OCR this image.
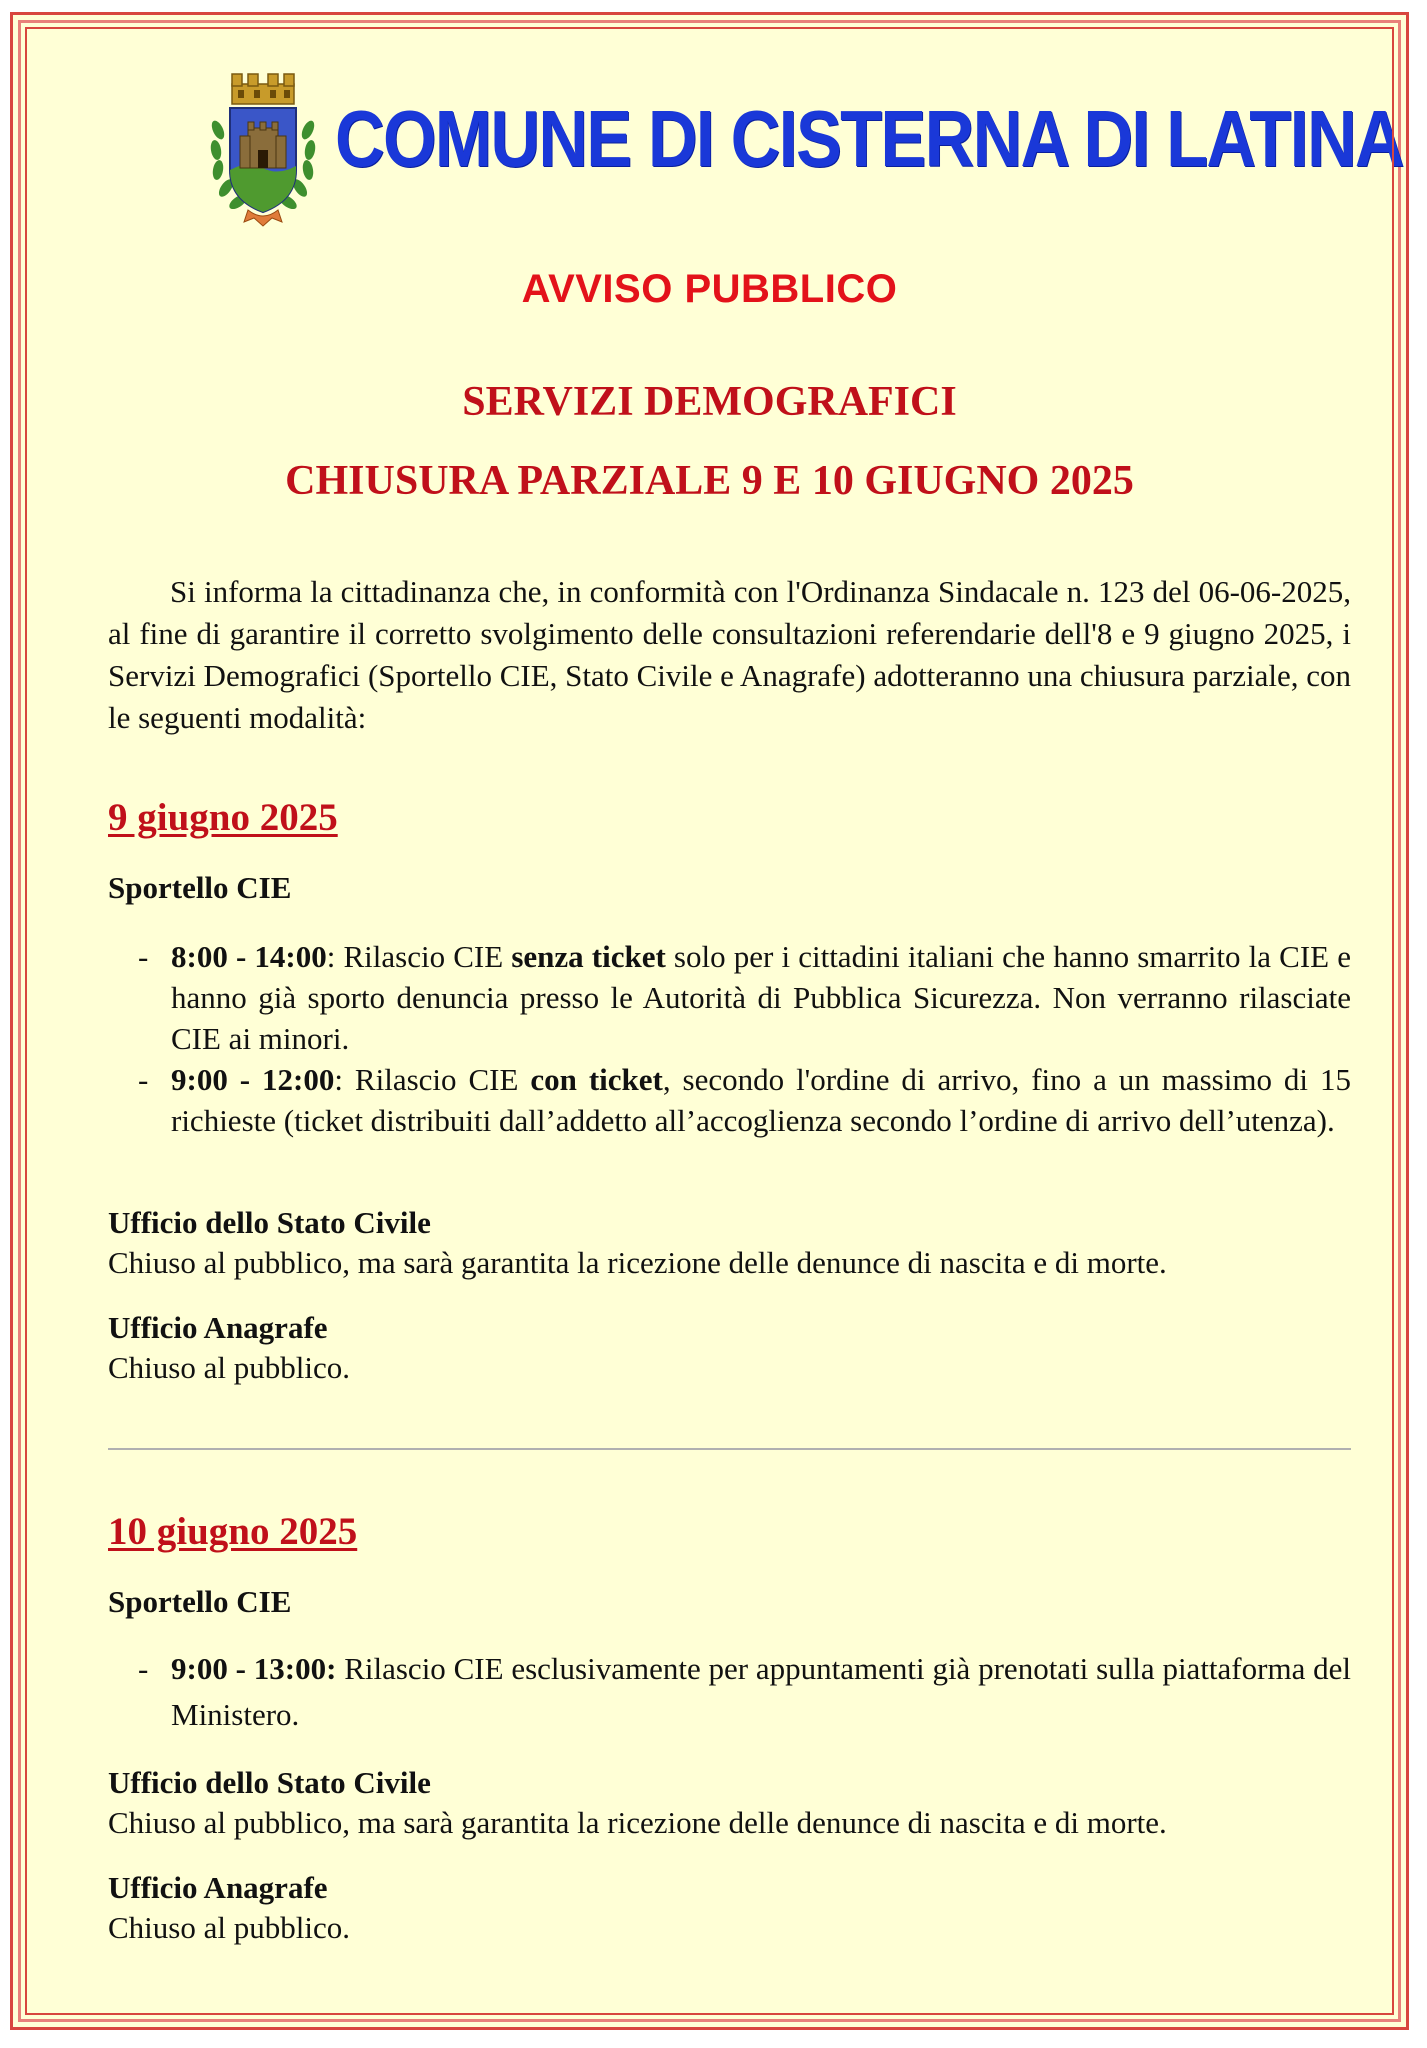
COMUNE DI CISTERNA DI LATINA
AVVISO PUBBLICO
SERVIZI DEMOGRAFICI
CHIUSURA PARZIALE 9 E 10 GIUGNO 2025
Si informa la cittadinanza che, in conformità con l'Ordinanza Sindacale n. 123 del 06-06-2025, al fine di garantire il corretto svolgimento delle consultazioni referendarie dell'8 e 9 giugno 2025, i Servizi Demografici (Sportello CIE, Stato Civile e Anagrafe) adotteranno una chiusura parziale, con le seguenti modalità:
9 giugno 2025
Sportello CIE
- 8:00 - 14:00: Rilascio CIE senza ticket solo per i cittadini italiani che hanno smarrito la CIE e hanno già sporto denuncia presso le Autorità di Pubblica Sicurezza. Non verranno rilasciate CIE ai minori.
- 9:00 - 12:00: Rilascio CIE con ticket, secondo l'ordine di arrivo, fino a un massimo di 15 richieste (ticket distribuiti dall’addetto all’accoglienza secondo l’ordine di arrivo dell’utenza).
Ufficio dello Stato Civile
Chiuso al pubblico, ma sarà garantita la ricezione delle denunce di nascita e di morte.
Ufficio Anagrafe
Chiuso al pubblico.
10 giugno 2025
Sportello CIE
- 9:00 - 13:00: Rilascio CIE esclusivamente per appuntamenti già prenotati sulla piattaforma del Ministero.
Ufficio dello Stato Civile
Chiuso al pubblico, ma sarà garantita la ricezione delle denunce di nascita e di morte.
Ufficio Anagrafe
Chiuso al pubblico.
